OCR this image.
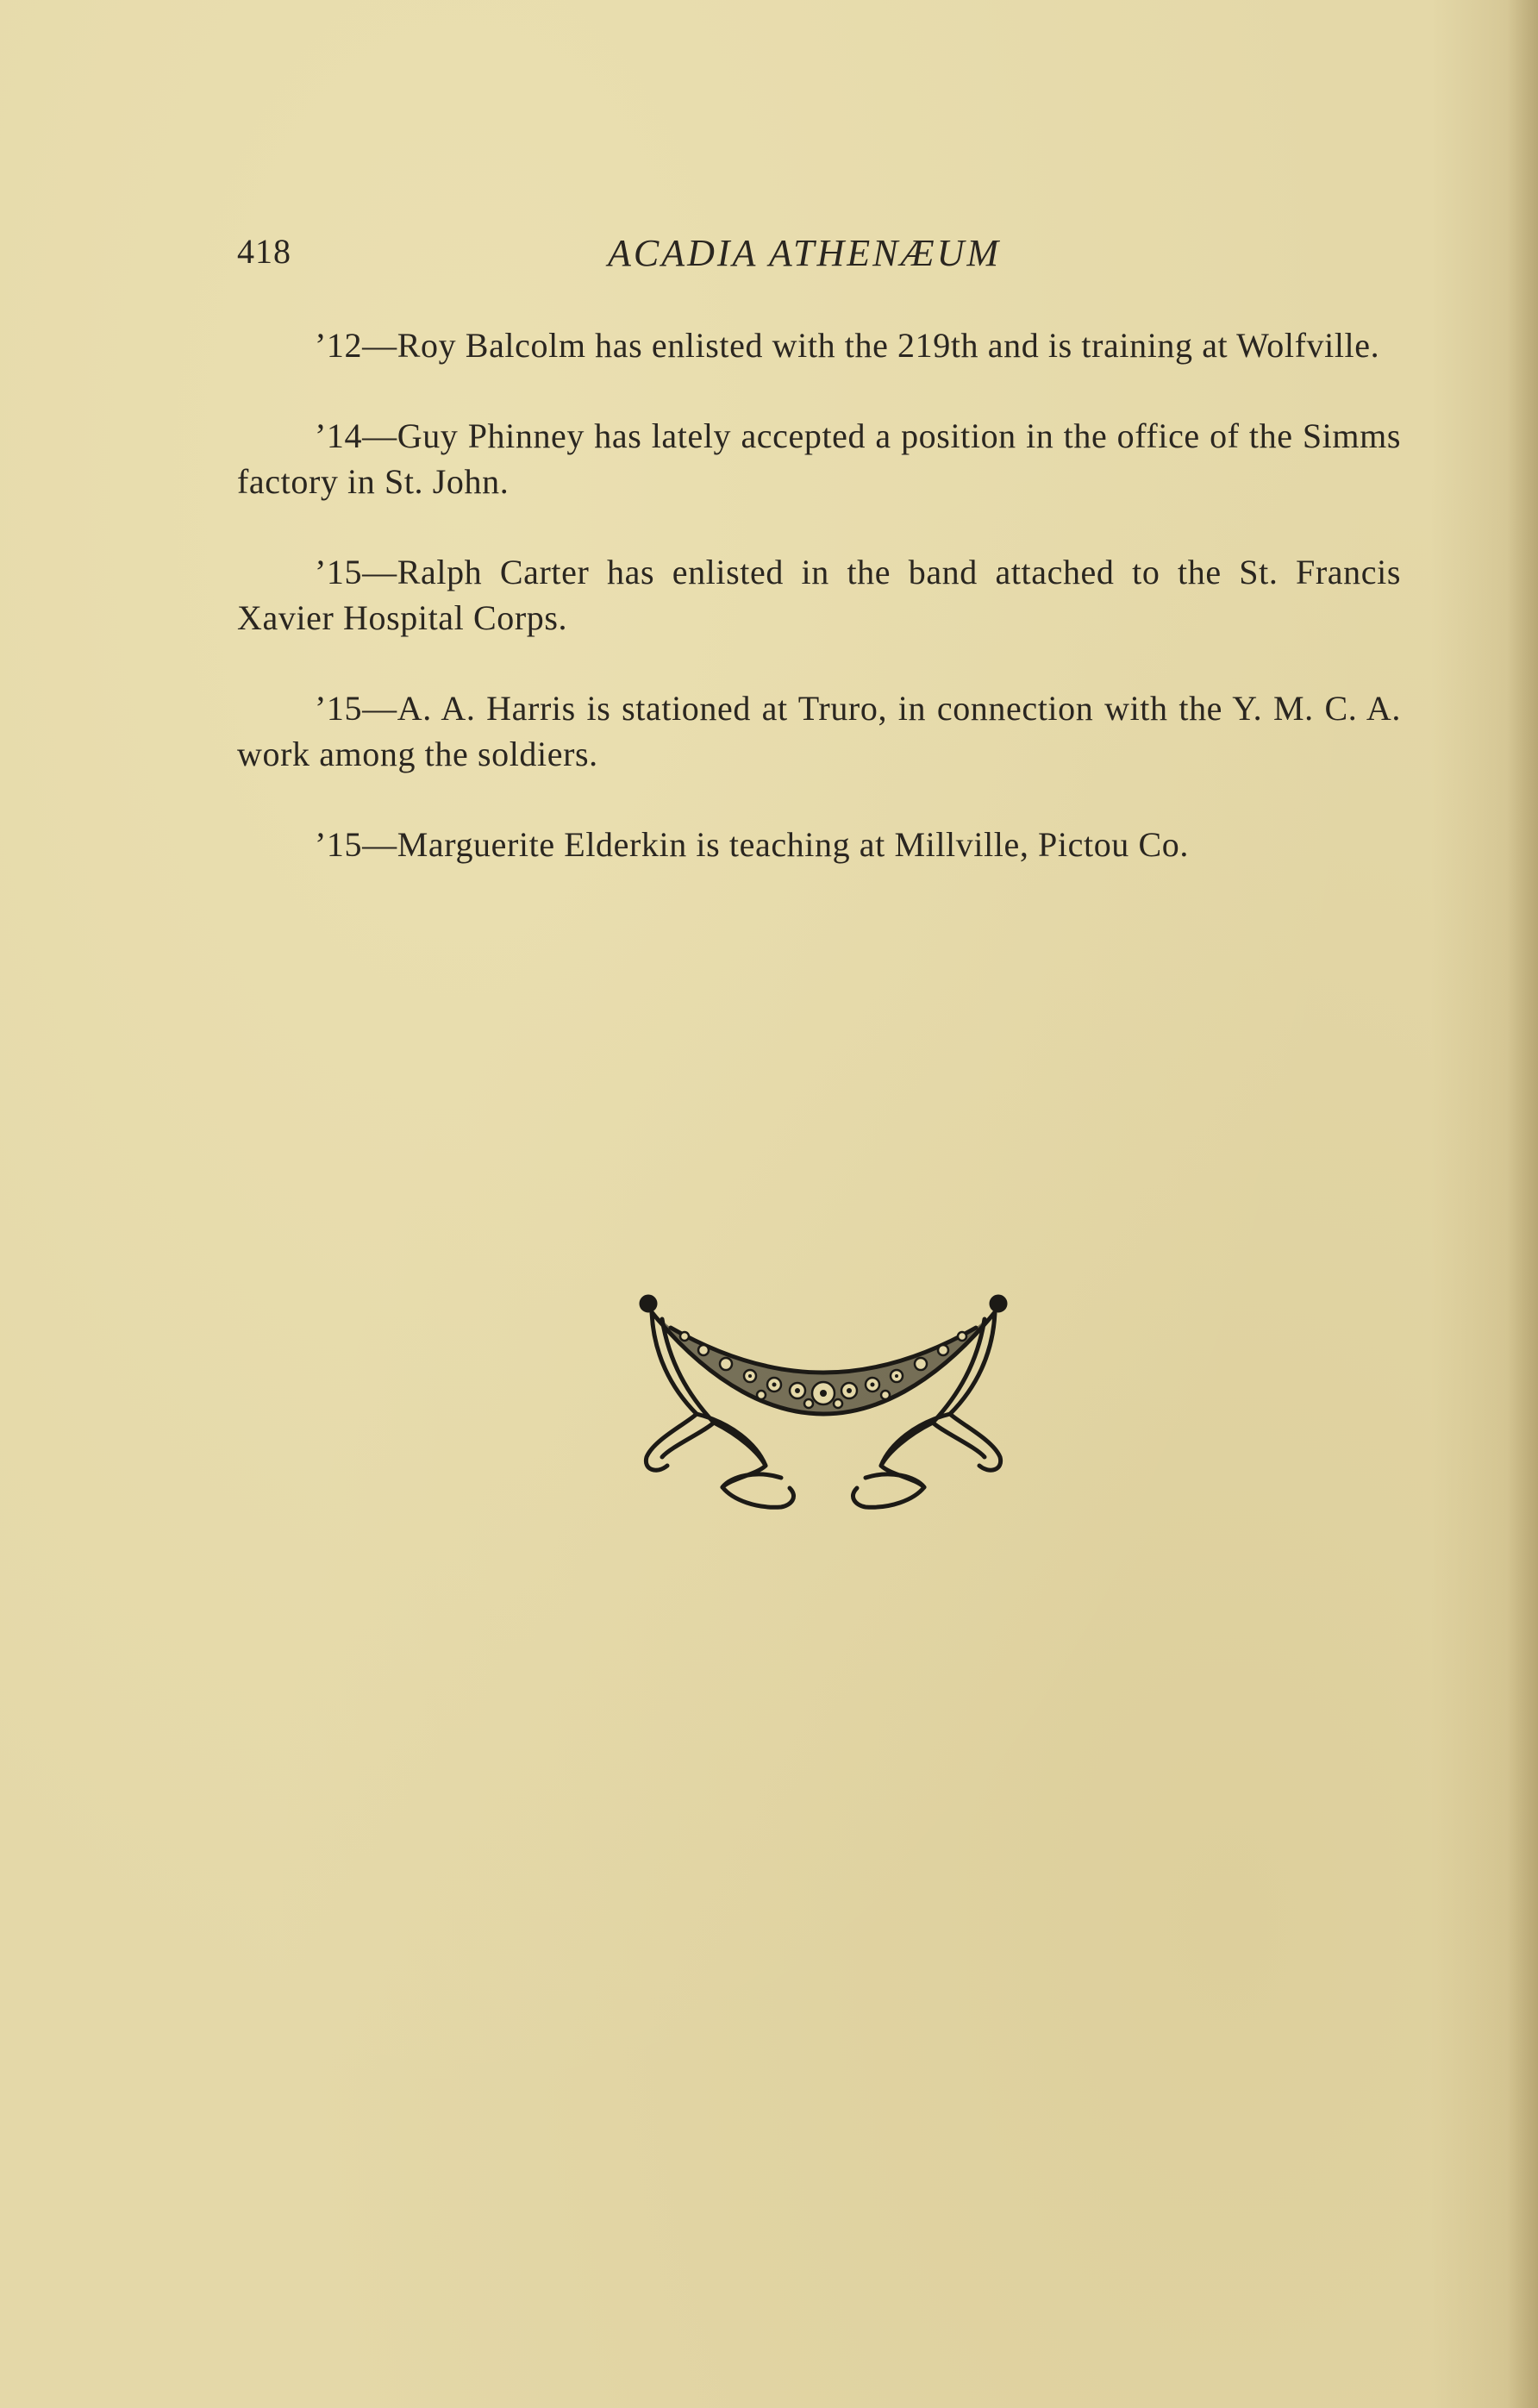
418	ACADIA ATHENÆUM

’12—Roy Balcolm has enlisted with the 219th and is training at Wolfville.

’14—Guy Phinney has lately accepted a position in the office of the Simms factory in St. John.

’15—Ralph Carter has enlisted in the band attached to the St. Francis Xavier Hospital Corps.

’15—A. A. Harris is stationed at Truro, in connection with the Y. M. C. A. work among the soldiers.

’15—Marguerite Elderkin is teaching at Millville, Pictou Co.
